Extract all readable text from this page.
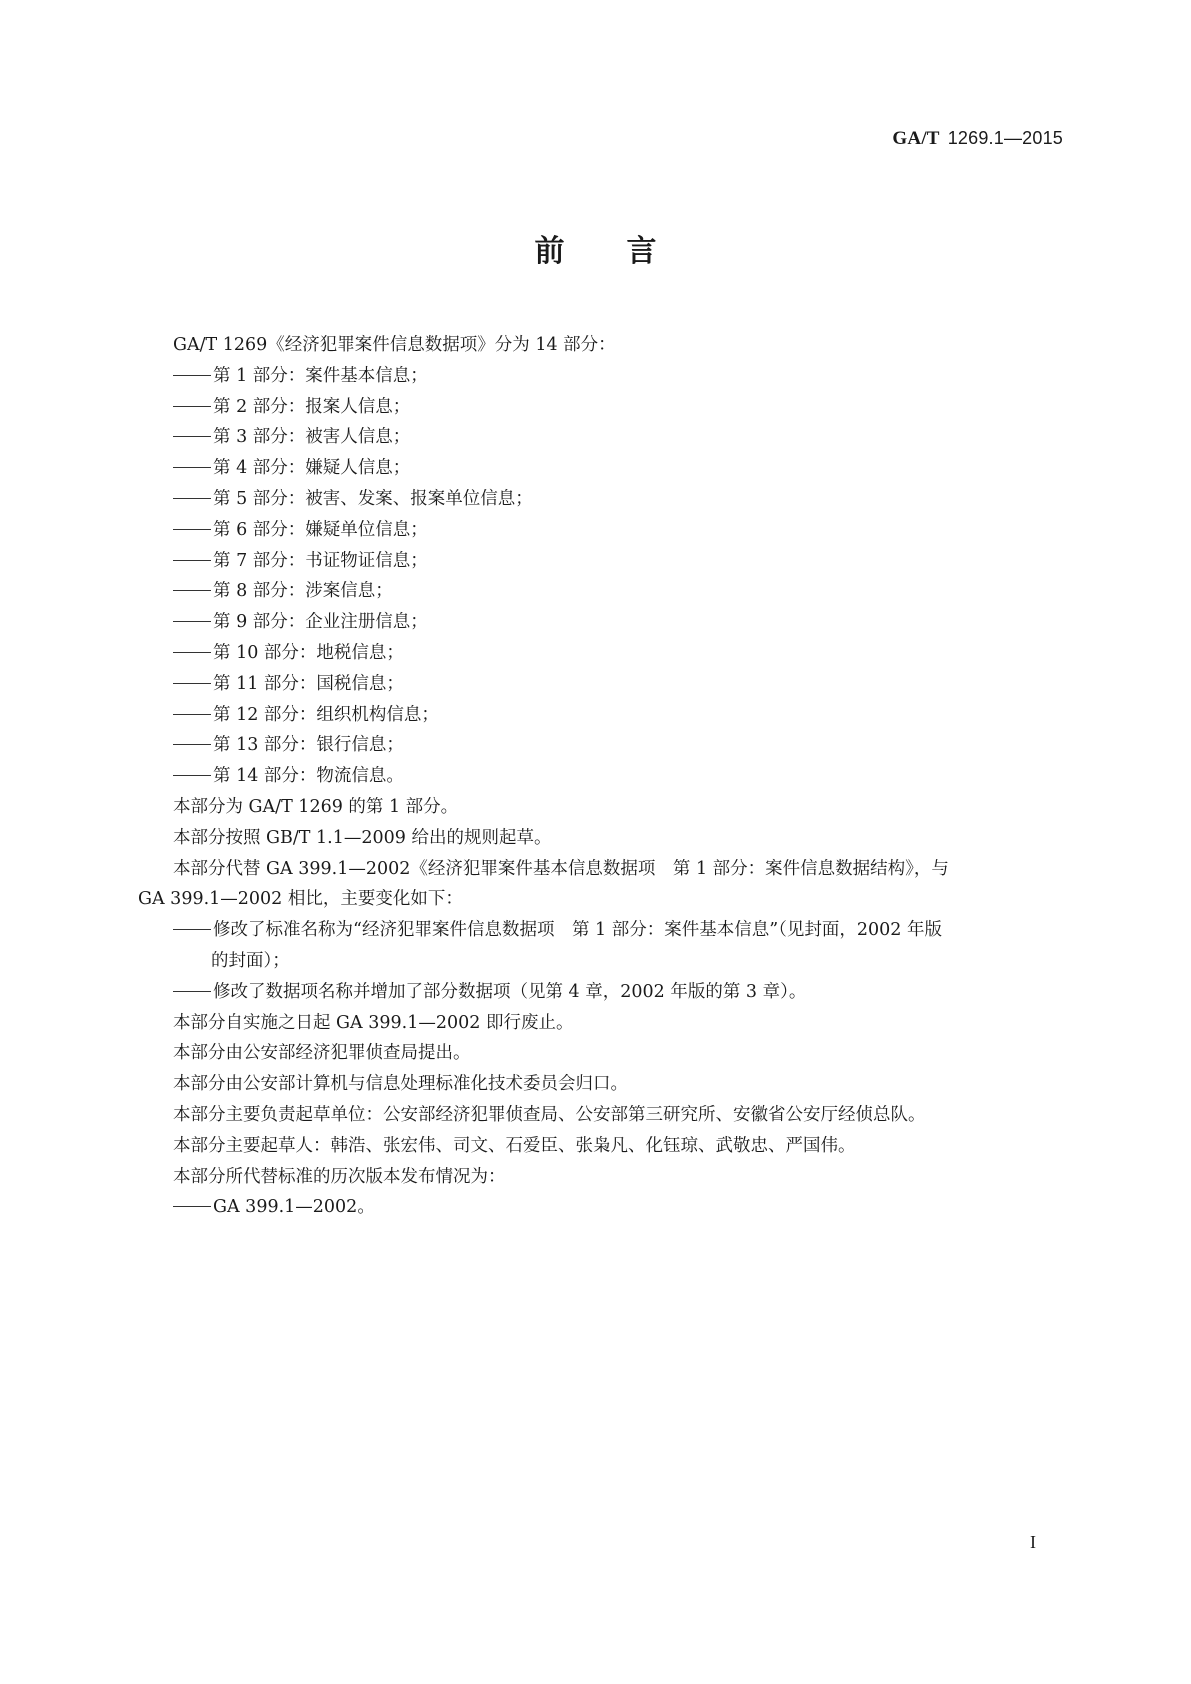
GA/T 1269.1—2015
前 言

GA/T 1269《经济犯罪案件信息数据项》分为 14 部分：

第 1 部分：案件基本信息；

第 2 部分：报案人信息；

第 3 部分：被害人信息；

第 4 部分：嫌疑人信息；

第 5 部分：被害、发案、报案单位信息；

第 6 部分：嫌疑单位信息；

第 7 部分：书证物证信息；

第 8 部分：涉案信息；

第 9 部分：企业注册信息；

第 10 部分：地税信息；

第 11 部分：国税信息；

第 12 部分：组织机构信息；

第 13 部分：银行信息；

第 14 部分：物流信息。

本部分为 GA/T 1269 的第 1 部分。

本部分按照 GB/T 1.1—2009 给出的规则起草。

本部分代替 GA 399.1—2002《经济犯罪案件基本信息数据项　第 1 部分：案件信息数据结构》，与

GA 399.1—2002 相比，主要变化如下：

修改了标准名称为“经济犯罪案件信息数据项　第 1 部分：案件基本信息”（见封面，2002 年版

的封面）；

修改了数据项名称并增加了部分数据项（见第 4 章，2002 年版的第 3 章）。

本部分自实施之日起 GA 399.1—2002 即行废止。

本部分由公安部经济犯罪侦查局提出。

本部分由公安部计算机与信息处理标准化技术委员会归口。

本部分主要负责起草单位：公安部经济犯罪侦查局、公安部第三研究所、安徽省公安厅经侦总队。

本部分主要起草人：韩浩、张宏伟、司文、石爱臣、张枭凡、化钰琼、武敬忠、严国伟。

本部分所代替标准的历次版本发布情况为：

GA 399.1—2002。

I
